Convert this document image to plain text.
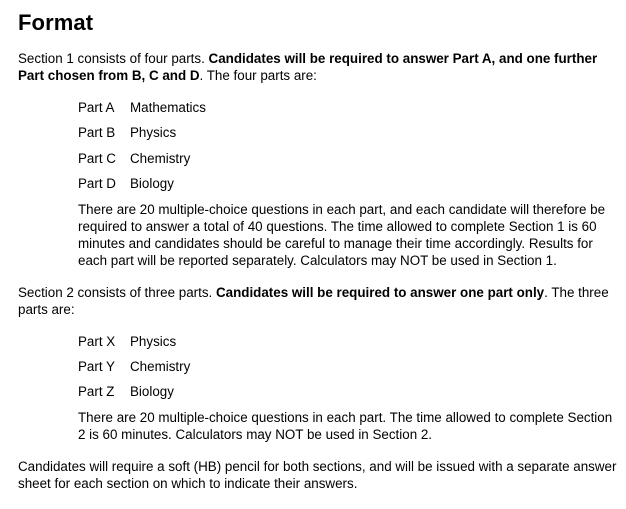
Format

Section 1 consists of four parts. Candidates will be required to answer Part A, and one further Part chosen from B, C and D. The four parts are:

Part A	Mathematics
Part B	Physics
Part C	Chemistry
Part D	Biology

There are 20 multiple-choice questions in each part, and each candidate will therefore be required to answer a total of 40 questions. The time allowed to complete Section 1 is 60 minutes and candidates should be careful to manage their time accordingly. Results for each part will be reported separately. Calculators may NOT be used in Section 1.

Section 2 consists of three parts. Candidates will be required to answer one part only. The three parts are:

Part X	Physics
Part Y	Chemistry
Part Z	Biology

There are 20 multiple-choice questions in each part. The time allowed to complete Section 2 is 60 minutes. Calculators may NOT be used in Section 2.

Candidates will require a soft (HB) pencil for both sections, and will be issued with a separate answer sheet for each section on which to indicate their answers.
